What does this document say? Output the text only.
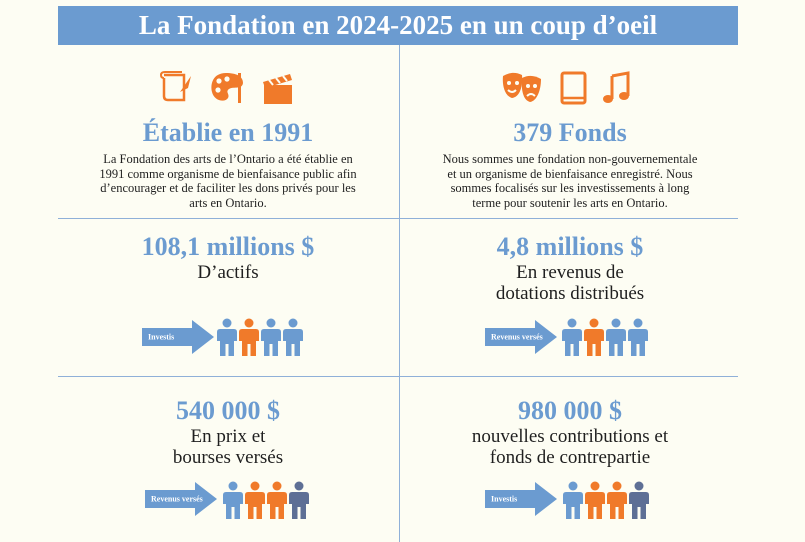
La Fondation en 2024-2025 en un coup d’oeil
Établie en 1991
La Fondation des arts de l’Ontario a été établie en 1991 comme organisme de bienfaisance public afin d’encourager et de faciliter les dons privés pour les arts en Ontario.
379 Fonds
Nous sommes une fondation non-gouvernementale et un organisme de bienfaisance enregistré. Nous sommes focalisés sur les investissements à long terme pour soutenir les arts en Ontario.
108,1 millions $
D’actifs
4,8 millions $
En revenus de
dotations distribués
540 000 $
En prix et
bourses versés
980 000 $
nouvelles contributions et
fonds de contrepartie
Investis	Revenus versés
Revenus versés	Investis
